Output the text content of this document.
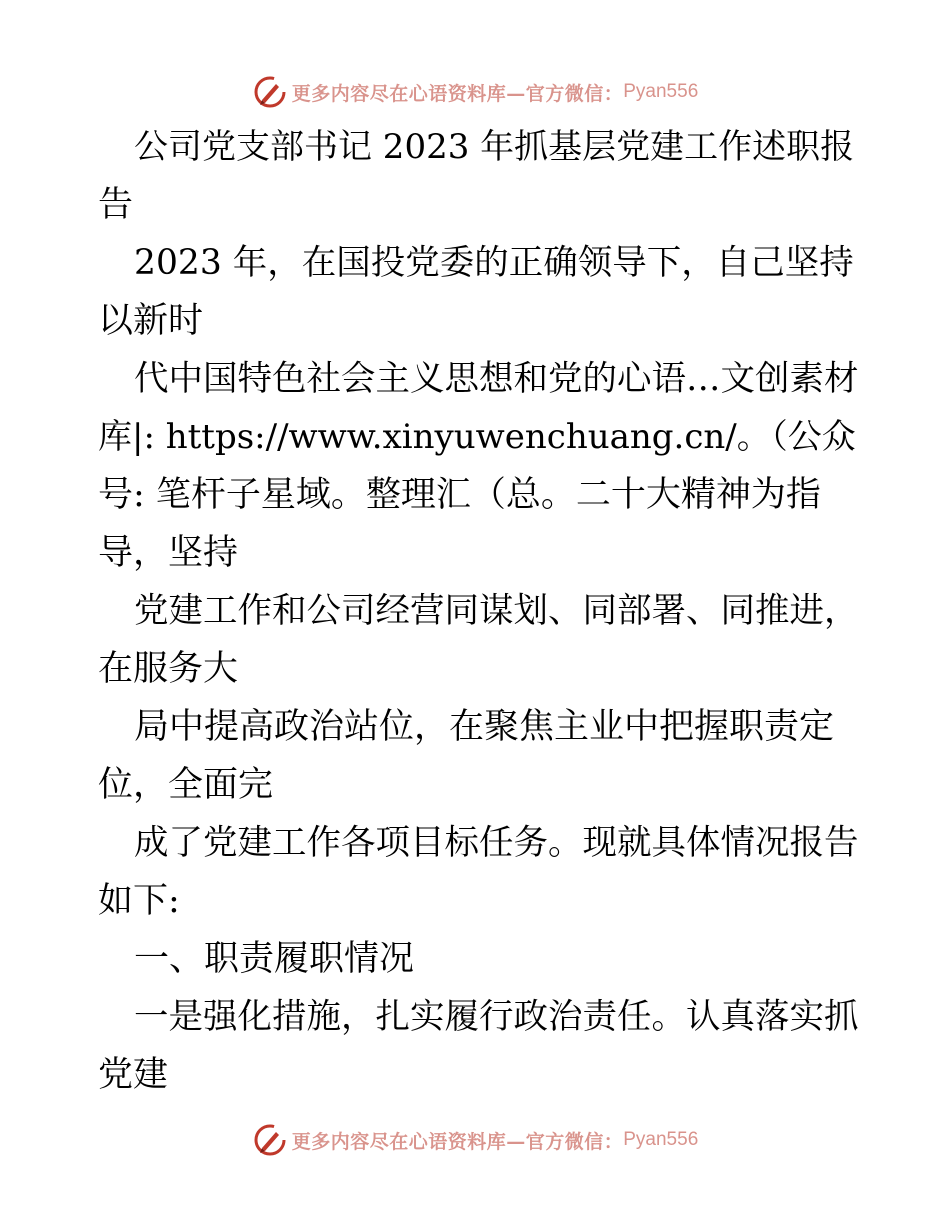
更多内容尽在心语资料库—官方微信： Pyan556

公司党支部书记 2023 年抓基层党建工作述职报

告

2023 年，在国投党委的正确领导下，自己坚持

以新时

代中国特色社会主义思想和党的心语…文创素材

库|: https://www.xinyuwenchuang.cn/。（公众

号: 笔杆子星域。整理汇（总。二十大精神为指

导，坚持

党建工作和公司经营同谋划、同部署、同推进，

在服务大

局中提高政治站位，在聚焦主业中把握职责定

位，全面完

成了党建工作各项目标任务。现就具体情况报告

如下:

一、职责履职情况

一是强化措施，扎实履行政治责任。认真落实抓

党建

更多内容尽在心语资料库—官方微信： Pyan556
